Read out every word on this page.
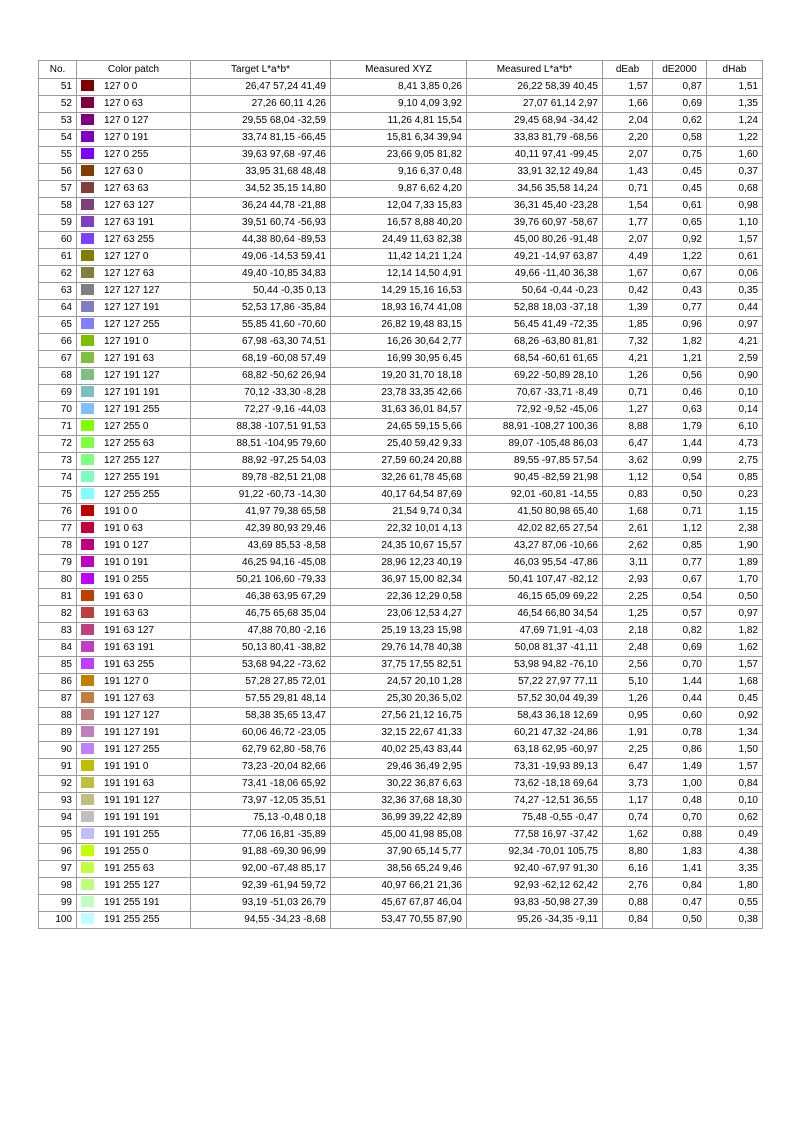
No.	Color patch	Target L*a*b*	Measured XYZ	Measured L*a*b*	dEab	dE2000	dHab
51	127 0 0	26,47 57,24 41,49	8,41 3,85 0,26	26,22 58,39 40,45	1,57	0,87	1,51
52	127 0 63	27,26 60,11 4,26	9,10 4,09 3,92	27,07 61,14 2,97	1,66	0,69	1,35
53	127 0 127	29,55 68,04 -32,59	11,26 4,81 15,54	29,45 68,94 -34,42	2,04	0,62	1,24
54	127 0 191	33,74 81,15 -66,45	15,81 6,34 39,94	33,83 81,79 -68,56	2,20	0,58	1,22
55	127 0 255	39,63 97,68 -97,46	23,66 9,05 81,82	40,11 97,41 -99,45	2,07	0,75	1,60
56	127 63 0	33,95 31,68 48,48	9,16 6,37 0,48	33,91 32,12 49,84	1,43	0,45	0,37
57	127 63 63	34,52 35,15 14,80	9,87 6,62 4,20	34,56 35,58 14,24	0,71	0,45	0,68
58	127 63 127	36,24 44,78 -21,88	12,04 7,33 15,83	36,31 45,40 -23,28	1,54	0,61	0,98
59	127 63 191	39,51 60,74 -56,93	16,57 8,88 40,20	39,76 60,97 -58,67	1,77	0,65	1,10
60	127 63 255	44,38 80,64 -89,53	24,49 11,63 82,38	45,00 80,26 -91,48	2,07	0,92	1,57
61	127 127 0	49,06 -14,53 59,41	11,42 14,21 1,24	49,21 -14,97 63,87	4,49	1,22	0,61
62	127 127 63	49,40 -10,85 34,83	12,14 14,50 4,91	49,66 -11,40 36,38	1,67	0,67	0,06
63	127 127 127	50,44 -0,35 0,13	14,29 15,16 16,53	50,64 -0,44 -0,23	0,42	0,43	0,35
64	127 127 191	52,53 17,86 -35,84	18,93 16,74 41,08	52,88 18,03 -37,18	1,39	0,77	0,44
65	127 127 255	55,85 41,60 -70,60	26,82 19,48 83,15	56,45 41,49 -72,35	1,85	0,96	0,97
66	127 191 0	67,98 -63,30 74,51	16,26 30,64 2,77	68,26 -63,80 81,81	7,32	1,82	4,21
67	127 191 63	68,19 -60,08 57,49	16,99 30,95 6,45	68,54 -60,61 61,65	4,21	1,21	2,59
68	127 191 127	68,82 -50,62 26,94	19,20 31,70 18,18	69,22 -50,89 28,10	1,26	0,56	0,90
69	127 191 191	70,12 -33,30 -8,28	23,78 33,35 42,66	70,67 -33,71 -8,49	0,71	0,46	0,10
70	127 191 255	72,27 -9,16 -44,03	31,63 36,01 84,57	72,92 -9,52 -45,06	1,27	0,63	0,14
71	127 255 0	88,38 -107,51 91,53	24,65 59,15 5,66	88,91 -108,27 100,36	8,88	1,79	6,10
72	127 255 63	88,51 -104,95 79,60	25,40 59,42 9,33	89,07 -105,48 86,03	6,47	1,44	4,73
73	127 255 127	88,92 -97,25 54,03	27,59 60,24 20,88	89,55 -97,85 57,54	3,62	0,99	2,75
74	127 255 191	89,78 -82,51 21,08	32,26 61,78 45,68	90,45 -82,59 21,98	1,12	0,54	0,85
75	127 255 255	91,22 -60,73 -14,30	40,17 64,54 87,69	92,01 -60,81 -14,55	0,83	0,50	0,23
76	191 0 0	41,97 79,38 65,58	21,54 9,74 0,34	41,50 80,98 65,40	1,68	0,71	1,15
77	191 0 63	42,39 80,93 29,46	22,32 10,01 4,13	42,02 82,65 27,54	2,61	1,12	2,38
78	191 0 127	43,69 85,53 -8,58	24,35 10,67 15,57	43,27 87,06 -10,66	2,62	0,85	1,90
79	191 0 191	46,25 94,16 -45,08	28,96 12,23 40,19	46,03 95,54 -47,86	3,11	0,77	1,89
80	191 0 255	50,21 106,60 -79,33	36,97 15,00 82,34	50,41 107,47 -82,12	2,93	0,67	1,70
81	191 63 0	46,38 63,95 67,29	22,36 12,29 0,58	46,15 65,09 69,22	2,25	0,54	0,50
82	191 63 63	46,75 65,68 35,04	23,06 12,53 4,27	46,54 66,80 34,54	1,25	0,57	0,97
83	191 63 127	47,88 70,80 -2,16	25,19 13,23 15,98	47,69 71,91 -4,03	2,18	0,82	1,82
84	191 63 191	50,13 80,41 -38,82	29,76 14,78 40,38	50,08 81,37 -41,11	2,48	0,69	1,62
85	191 63 255	53,68 94,22 -73,62	37,75 17,55 82,51	53,98 94,82 -76,10	2,56	0,70	1,57
86	191 127 0	57,28 27,85 72,01	24,57 20,10 1,28	57,22 27,97 77,11	5,10	1,44	1,68
87	191 127 63	57,55 29,81 48,14	25,30 20,36 5,02	57,52 30,04 49,39	1,26	0,44	0,45
88	191 127 127	58,38 35,65 13,47	27,56 21,12 16,75	58,43 36,18 12,69	0,95	0,60	0,92
89	191 127 191	60,06 46,72 -23,05	32,15 22,67 41,33	60,21 47,32 -24,86	1,91	0,78	1,34
90	191 127 255	62,79 62,80 -58,76	40,02 25,43 83,44	63,18 62,95 -60,97	2,25	0,86	1,50
91	191 191 0	73,23 -20,04 82,66	29,46 36,49 2,95	73,31 -19,93 89,13	6,47	1,49	1,57
92	191 191 63	73,41 -18,06 65,92	30,22 36,87 6,63	73,62 -18,18 69,64	3,73	1,00	0,84
93	191 191 127	73,97 -12,05 35,51	32,36 37,68 18,30	74,27 -12,51 36,55	1,17	0,48	0,10
94	191 191 191	75,13 -0,48 0,18	36,99 39,22 42,89	75,48 -0,55 -0,47	0,74	0,70	0,62
95	191 191 255	77,06 16,81 -35,89	45,00 41,98 85,08	77,58 16,97 -37,42	1,62	0,88	0,49
96	191 255 0	91,88 -69,30 96,99	37,90 65,14 5,77	92,34 -70,01 105,75	8,80	1,83	4,38
97	191 255 63	92,00 -67,48 85,17	38,56 65,24 9,46	92,40 -67,97 91,30	6,16	1,41	3,35
98	191 255 127	92,39 -61,94 59,72	40,97 66,21 21,36	92,93 -62,12 62,42	2,76	0,84	1,80
99	191 255 191	93,19 -51,03 26,79	45,67 67,87 46,04	93,83 -50,98 27,39	0,88	0,47	0,55
100	191 255 255	94,55 -34,23 -8,68	53,47 70,55 87,90	95,26 -34,35 -9,11	0,84	0,50	0,38
